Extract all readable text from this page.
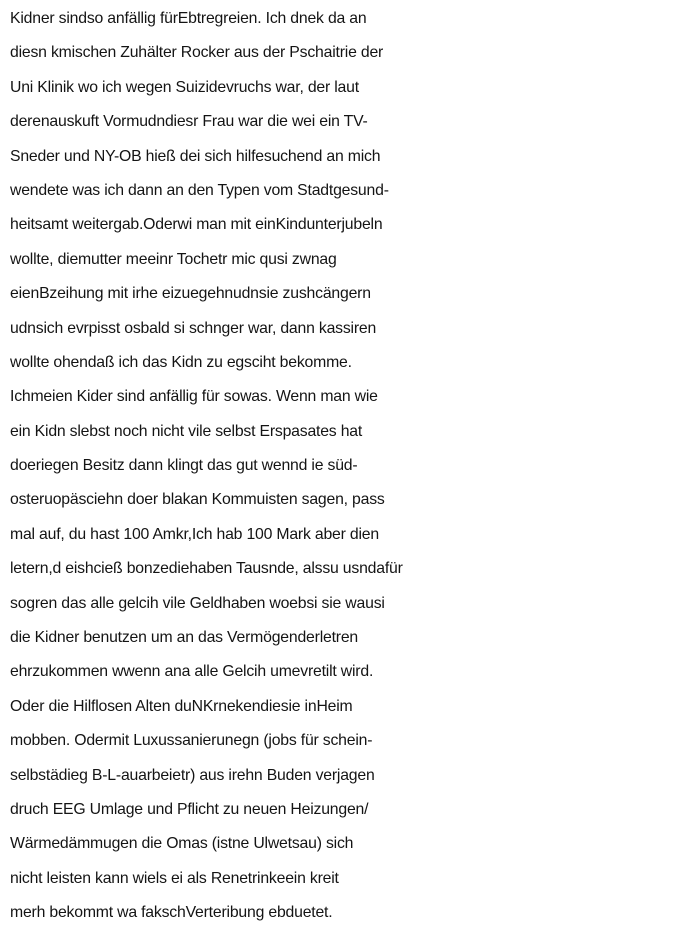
Kidner sindso anfällig fürEbtregreien. Ich dnek da an
diesn kmischen Zuhälter Rocker aus der Pschaitrie der
Uni Klinik wo ich wegen Suizidevruchs war, der laut
derenauskuft Vormudndiesr Frau war die wei ein TV-
Sneder und NY-OB hieß dei sich hilfesuchend an mich
wendete was ich dann an den Typen vom Stadtgesund-
heitsamt weitergab.Oderwi man mit einKindunterjubeln
wollte, diemutter meeinr Tochetr mic qusi zwnag
eienBzeihung mit irhe eizuegehnudnsie zushcängern
udnsich evrpisst osbald si schnger war, dann kassiren
wollte ohendaß ich das Kidn zu egsciht bekomme.
Ichmeien Kider sind anfällig für sowas. Wenn man wie
ein Kidn slebst noch nicht vile selbst Erspasates hat
doeriegen Besitz dann klingt das gut wennd ie süd-
osteruopäsciehn doer blakan Kommuisten sagen, pass
mal auf, du hast 100 Amkr,Ich hab 100 Mark aber dien
letern,d eishcieß bonzediehaben Tausnde, alssu usndafür
sogren das alle gelcih vile Geldhaben woebsi sie wausi
die Kidner benutzen um an das Vermögenderletren
ehrzukommen wwenn ana alle Gelcih umevretilt wird.
Oder die Hilflosen Alten duNKrnekendiesie inHeim
mobben. Odermit Luxussanierunegn (jobs für schein-
selbstädieg B-L-auarbeietr) aus irehn Buden verjagen
druch EEG Umlage und Pflicht zu neuen Heizungen/
Wärmedämmugen die Omas (istne Ulwetsau) sich
nicht leisten kann wiels ei als Renetrinkeein kreit
merh bekommt wa fakschVerteribung ebduetet.
